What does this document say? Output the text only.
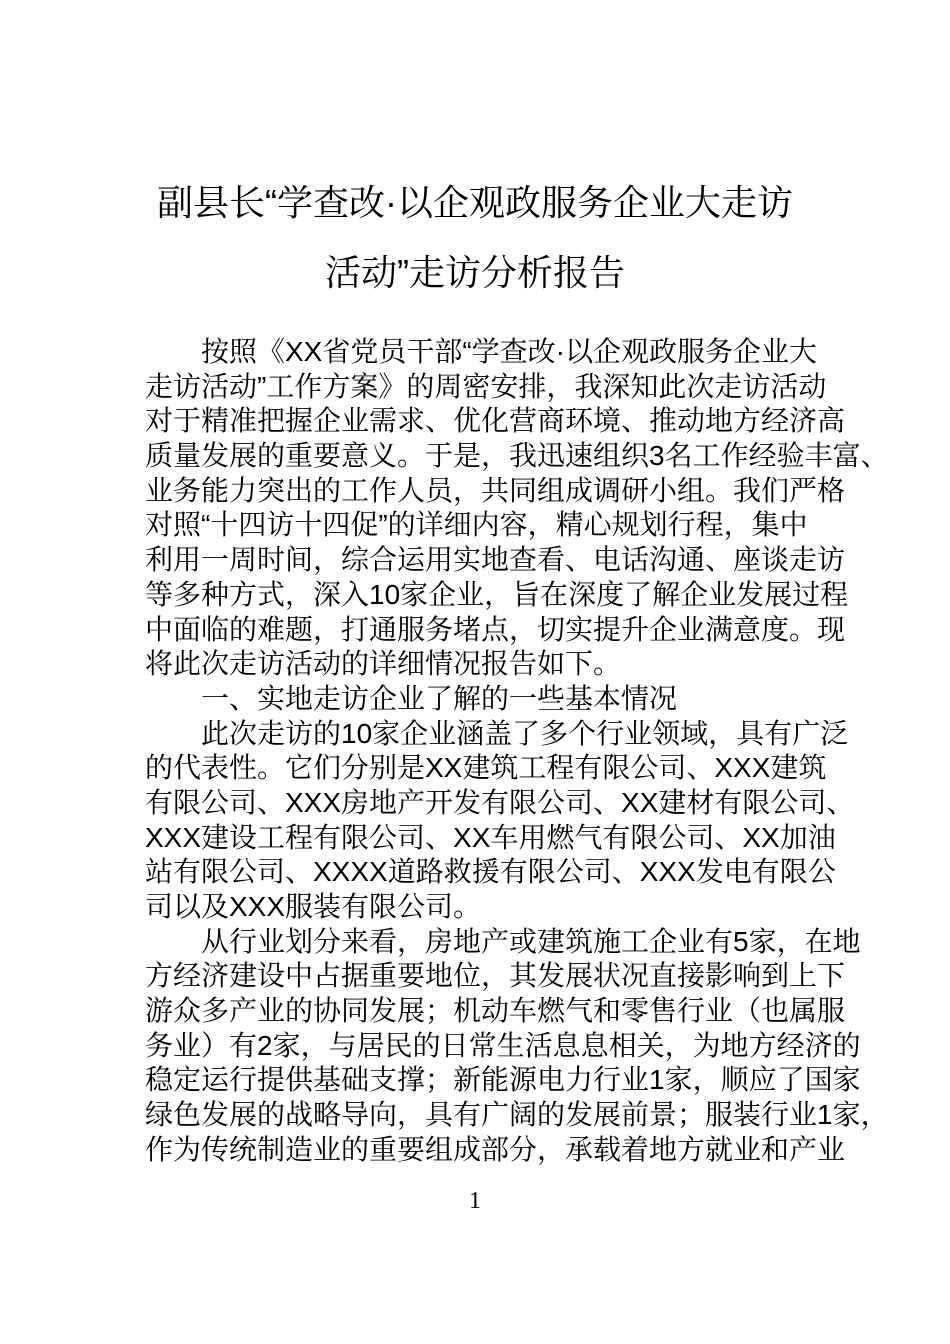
副县长“学查改·以企观政服务企业大走访
活动”走访分析报告
按照《XX省党员干部“学查改·以企观政服务企业大
走访活动”工作方案》的周密安排，我深知此次走访活动
对于精准把握企业需求、优化营商环境、推动地方经济高
质量发展的重要意义。于是，我迅速组织3名工作经验丰富、
业务能力突出的工作人员，共同组成调研小组。我们严格
对照“十四访十四促”的详细内容，精心规划行程，集中
利用一周时间，综合运用实地查看、电话沟通、座谈走访
等多种方式，深入10家企业，旨在深度了解企业发展过程
中面临的难题，打通服务堵点，切实提升企业满意度。现
将此次走访活动的详细情况报告如下。
一、实地走访企业了解的一些基本情况
此次走访的10家企业涵盖了多个行业领域，具有广泛
的代表性。它们分别是XX建筑工程有限公司、XXX建筑
有限公司、XXX房地产开发有限公司、XX建材有限公司、
XXX建设工程有限公司、XX车用燃气有限公司、XX加油
站有限公司、XXXX道路救援有限公司、XXX发电有限公
司以及XXX服装有限公司。
从行业划分来看，房地产或建筑施工企业有5家，在地
方经济建设中占据重要地位，其发展状况直接影响到上下
游众多产业的协同发展；机动车燃气和零售行业（也属服
务业）有2家，与居民的日常生活息息相关，为地方经济的
稳定运行提供基础支撑；新能源电力行业1家，顺应了国家
绿色发展的战略导向，具有广阔的发展前景；服装行业1家，
作为传统制造业的重要组成部分，承载着地方就业和产业
1
